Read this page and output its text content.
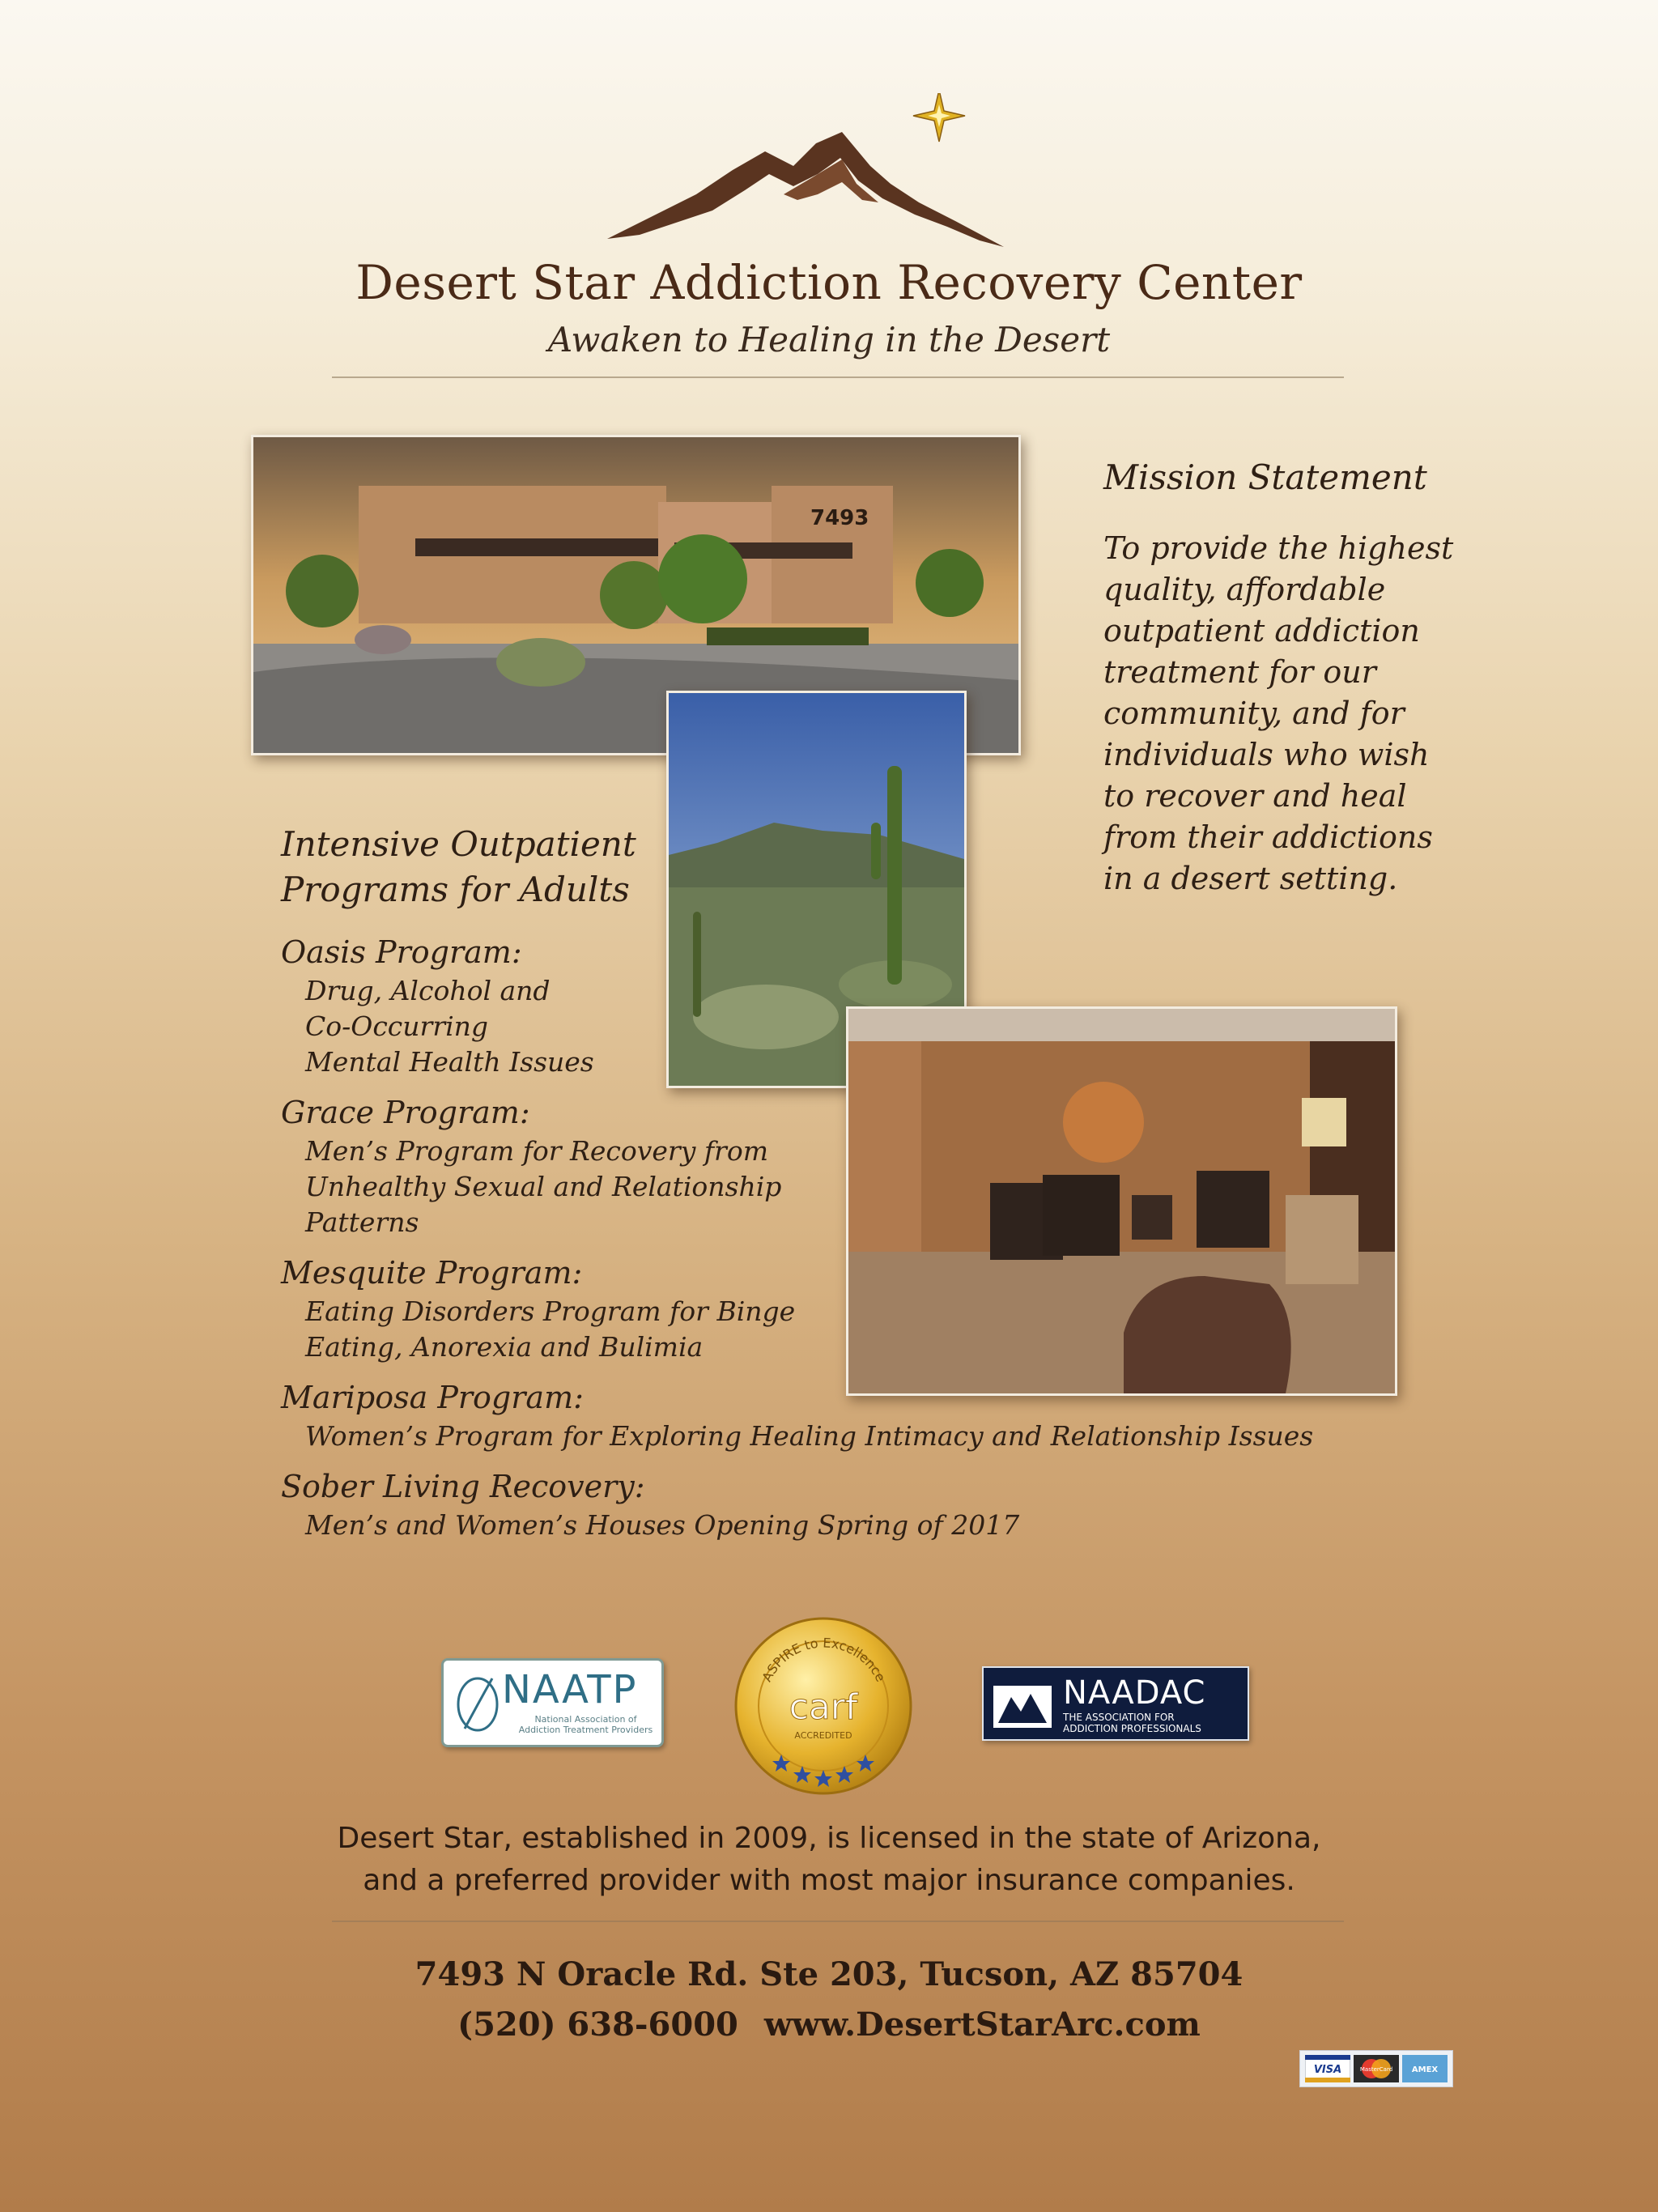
Desert Star Addiction Recovery Center
Awaken to Healing in the Desert
7493
Mission Statement
To provide the highest quality, affordable outpatient addiction treatment for our community, and for individuals who wish to recover and heal from their addictions in a desert setting.
Intensive Outpatient Programs for Adults
Oasis Program:
Drug, Alcohol and
Co-Occurring
Mental Health Issues
Grace Program:
Men’s Program for Recovery from
Unhealthy Sexual and Relationship
Patterns
Mesquite Program:
Eating Disorders Program for Binge
Eating, Anorexia and Bulimia
Mariposa Program:
Women’s Program for Exploring Healing Intimacy and Relationship Issues
Sober Living Recovery:
Men’s and Women’s Houses Opening Spring of 2017
NAATP
National Association of Addiction Treatment Providers
ASPIRE to Excellence
carf
ACCREDITED
NAADAC
THE ASSOCIATION FOR
ADDICTION PROFESSIONALS
Desert Star, established in 2009, is licensed in the state of Arizona,
and a preferred provider with most major insurance companies.
7493 N Oracle Rd. Ste 203, Tucson, AZ 85704
(520) 638-6000 www.DesertStarArc.com
VISA	MasterCard AMEX
